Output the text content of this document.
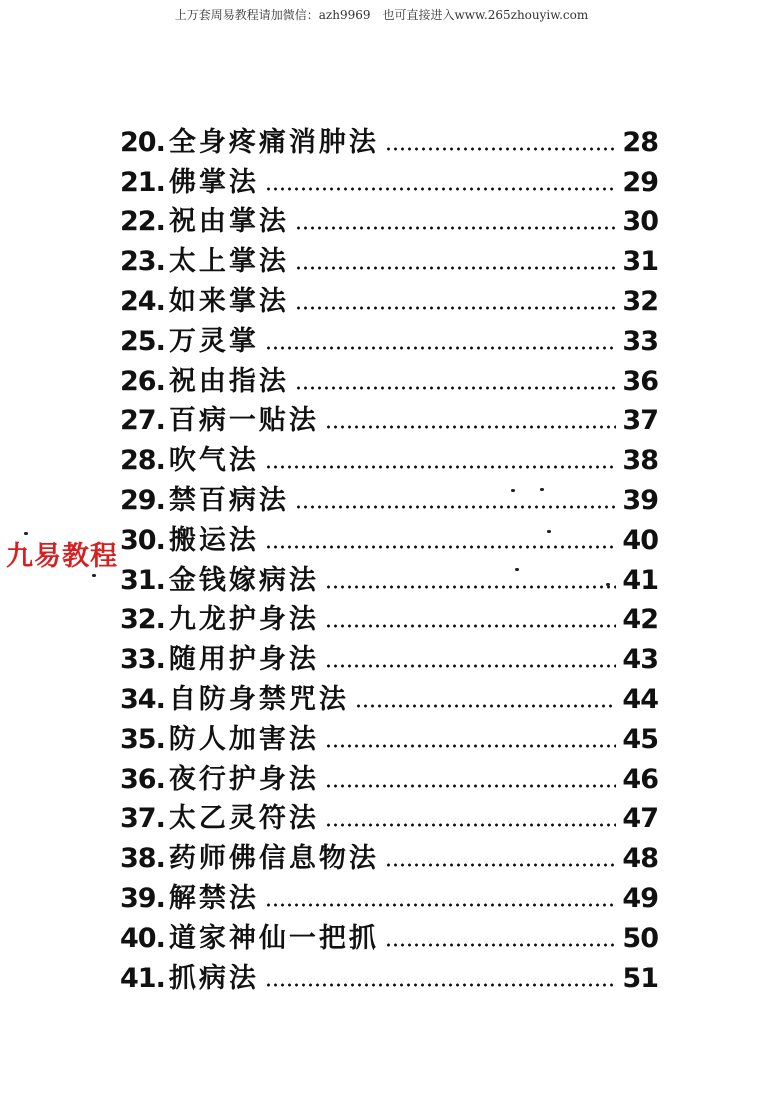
上万套周易教程请加微信：azh9969　也可直接进入www.265zhouyiw.com
20. 全身疼痛消肿法	28
21. 佛掌法	29
22. 祝由掌法	30
23. 太上掌法	31
24. 如来掌法	32
25. 万灵掌	33
26. 祝由指法	36
27. 百病一贴法	37
28. 吹气法	38
29. 禁百病法	39
30. 搬运法	40
31. 金钱嫁病法	41
32. 九龙护身法	42
33. 随用护身法	43
34. 自防身禁咒法	44
35. 防人加害法	45
36. 夜行护身法	46
37. 太乙灵符法	47
38. 药师佛信息物法	48
39. 解禁法	49
40. 道家神仙一把抓	50
41. 抓病法	51
九易教程
